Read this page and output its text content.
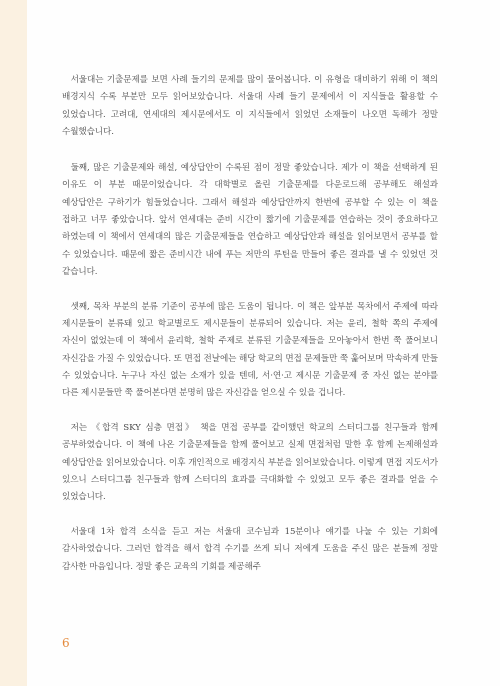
서울대는 기출문제를 보면 사례 들기의 문제를 많이 물어봅니다. 이 유형을 대비하기 위해 이 책의 배경지식 수록 부분만 모두 읽어보았습니다. 서울대 사례 들기 문제에서 이 지식들을 활용할 수 있었습니다. 고려대, 연세대의 제시문에서도 이 지식들에서 읽었던 소재들이 나오면 독해가 정말 수월했습니다.

둘째, 많은 기출문제와 해설, 예상답안이 수록된 점이 정말 좋았습니다. 제가 이 책을 선택하게 된 이유도 이 부분 때문이었습니다. 각 대학별로 올린 기출문제를 다운로드해 공부해도 해설과 예상답안은 구하기가 힘들었습니다. 그래서 해설과 예상답안까지 한번에 공부할 수 있는 이 책을 접하고 너무 좋았습니다. 앞서 연세대는 준비 시간이 짧기에 기출문제를 연습하는 것이 중요하다고 하였는데 이 책에서 연세대의 많은 기출문제들을 연습하고 예상답안과 해설을 읽어보면서 공부를 할 수 있었습니다. 때문에 짧은 준비시간 내에 푸는 저만의 루틴을 만들어 좋은 결과를 낼 수 있었던 것 같습니다.

셋째, 목차 부분의 분류 기준이 공부에 많은 도움이 됩니다. 이 책은 앞부분 목차에서 주제에 따라 제시문들이 분류돼 있고 학교별로도 제시문들이 분류되어 있습니다. 저는 윤리, 철학 쪽의 주제에 자신이 없었는데 이 책에서 윤리학, 철학 주제로 분류된 기출문제들을 모아놓아서 한번 쭉 풀어보니 자신감을 가질 수 있었습니다. 또 면접 전날에는 해당 학교의 면접 문제들만 쭉 훑어보며 막속하게 만들 수 있었습니다. 누구나 자신 없는 소재가 있을 텐데, 서·연·고 제시문 기출문제 중 자신 없는 분야를 다른 제시문들만 쭉 풀어본다면 분명히 많은 자신감을 얻으실 수 있을 겁니다.

저는 《합격 SKY 심층 면접》 책을 면접 공부를 같이했던 학교의 스터디그룹 친구들과 함께 공부하였습니다. 이 책에 나온 기출문제들을 함께 풀어보고 실제 면접처럼 말한 후 함께 논제해설과 예상답안을 읽어보았습니다. 이후 개인적으로 배경지식 부분을 읽어보았습니다. 이렇게 면접 지도서가 있으니 스터디그룹 친구들과 함께 스터디의 효과를 극대화할 수 있었고 모두 좋은 결과를 얻을 수 있었습니다.

서울대 1차 합격 소식을 듣고 저는 서울대 코수님과 15분이나 얘기를 나눌 수 있는 기회에 감사하였습니다. 그러던 합격을 해서 합격 수기를 쓰게 되니 저에게 도움을 주신 많은 분들께 정말 감사한 마음입니다. 정말 좋은 교육의 기회를 제공해주

6
